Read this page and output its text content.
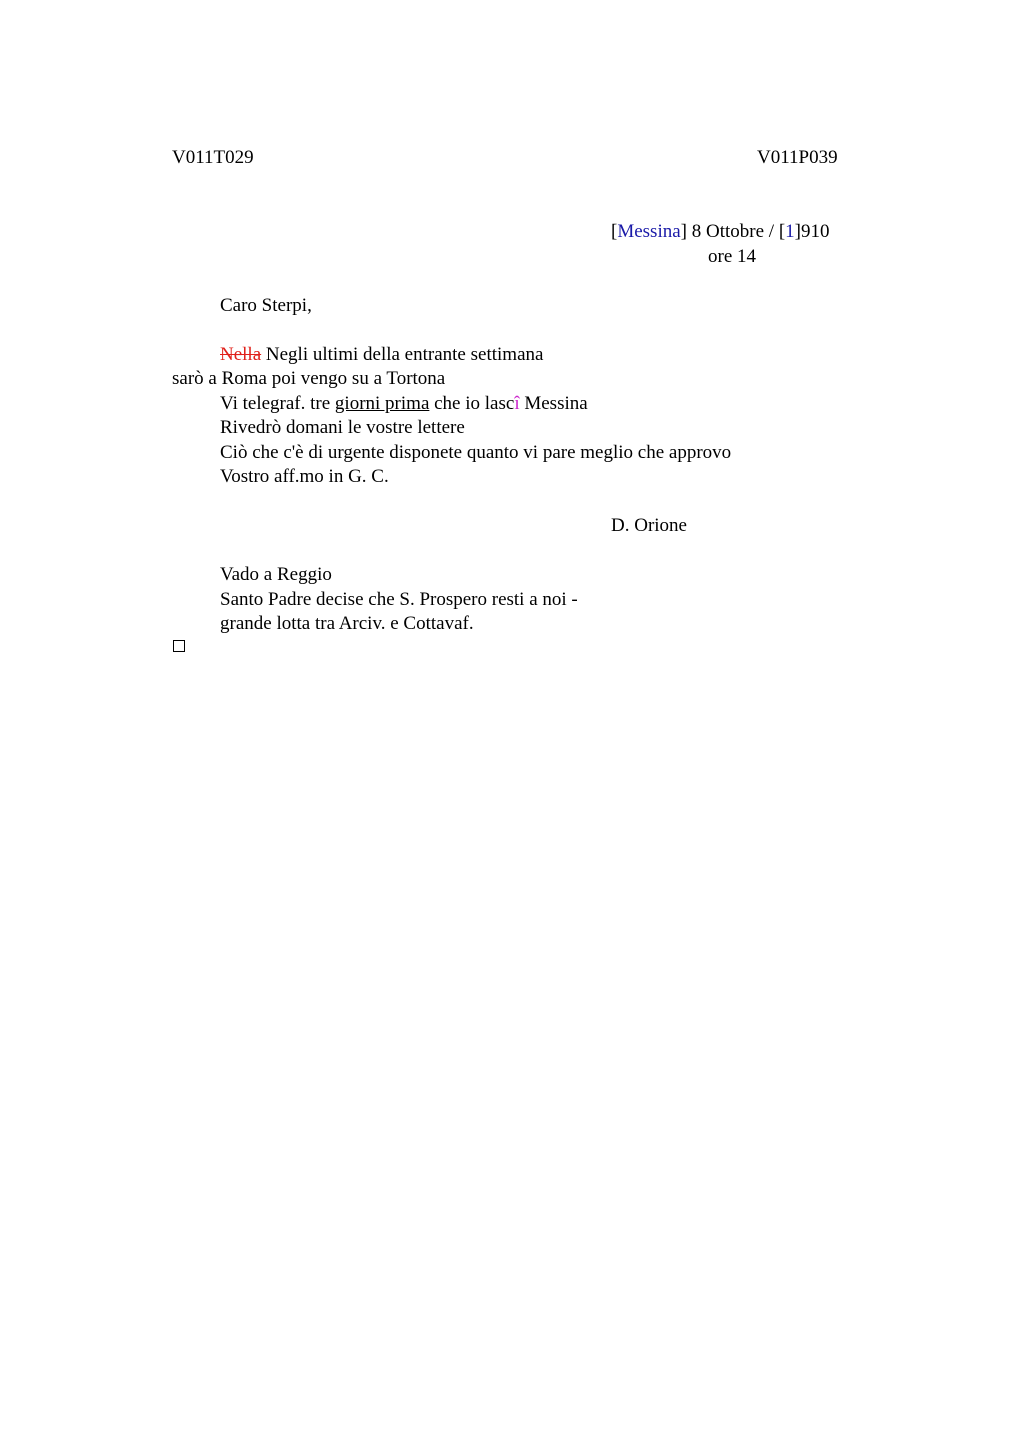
V011T029	V011P039
[Messina] 8 Ottobre / [1]910
ore 14
Caro Sterpi,
Nella Negli ultimi della entrante settimana
sarò a Roma poi vengo su a Tortona
Vi telegraf. tre giorni prima che io lascî Messina
Rivedrò domani le vostre lettere
Ciò che c'è di urgente disponete quanto vi pare meglio che approvo
Vostro aff.mo in G. C.
D. Orione
Vado a Reggio
Santo Padre decise che S. Prospero resti a noi -
grande lotta tra Arciv. e Cottavaf.
